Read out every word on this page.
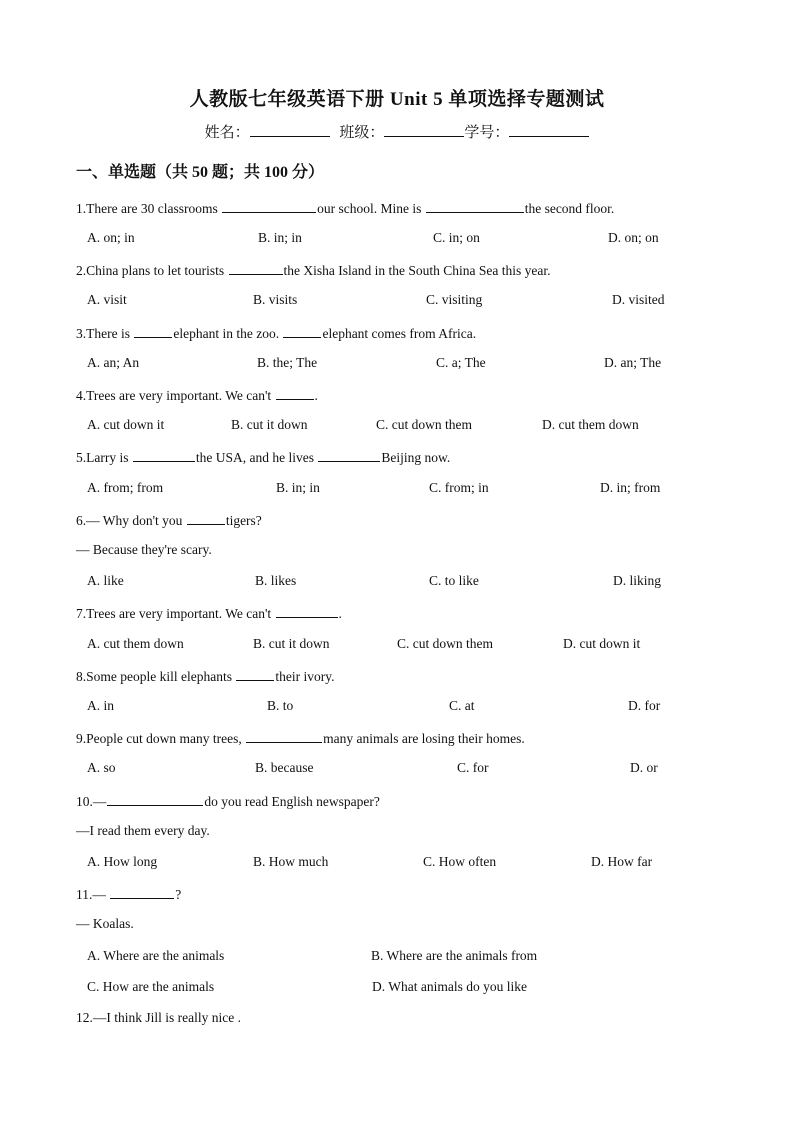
人教版七年级英语下册 Unit 5 单项选择专题测试
姓名：	班级：	学号：
一、单选题（共 50 题；共 100 分）
1.There are 30 classrooms	our school. Mine is	the second floor.
A. on; in	B. in; in	C. in; on	D. on; on
2.China plans to let tourists	the Xisha Island in the South China Sea this year.
A. visit	B. visits	C. visiting	D. visited
3.There is	elephant in the zoo.	elephant comes from Africa.
A. an; An	B. the; The	C. a; The	D. an; The
4.Trees are very important. We can't	.
A. cut down it	B. cut it down	C. cut down them	D. cut them down
5.Larry is	the USA, and he lives	Beijing now.
A. from; from	B. in; in	C. from; in	D. in; from
6.— Why don't you	tigers?
— Because they're scary.
A. like	B. likes	C. to like	D. liking
7.Trees are very important. We can't	.
A. cut them down	B. cut it down	C. cut down them	D. cut down it
8.Some people kill elephants	their ivory.
A. in	B. to	C. at	D. for
9.People cut down many trees,	many animals are losing their homes.
A. so	B. because	C. for	D. or
10.—	do you read English newspaper?
—I read them every day.
A. How long	B. How much	C. How often	D. How far
11.—	?
— Koalas.
A. Where are the animals	B. Where are the animals from
C. How are the animals	D. What animals do you like
12.—I think Jill is really nice .
